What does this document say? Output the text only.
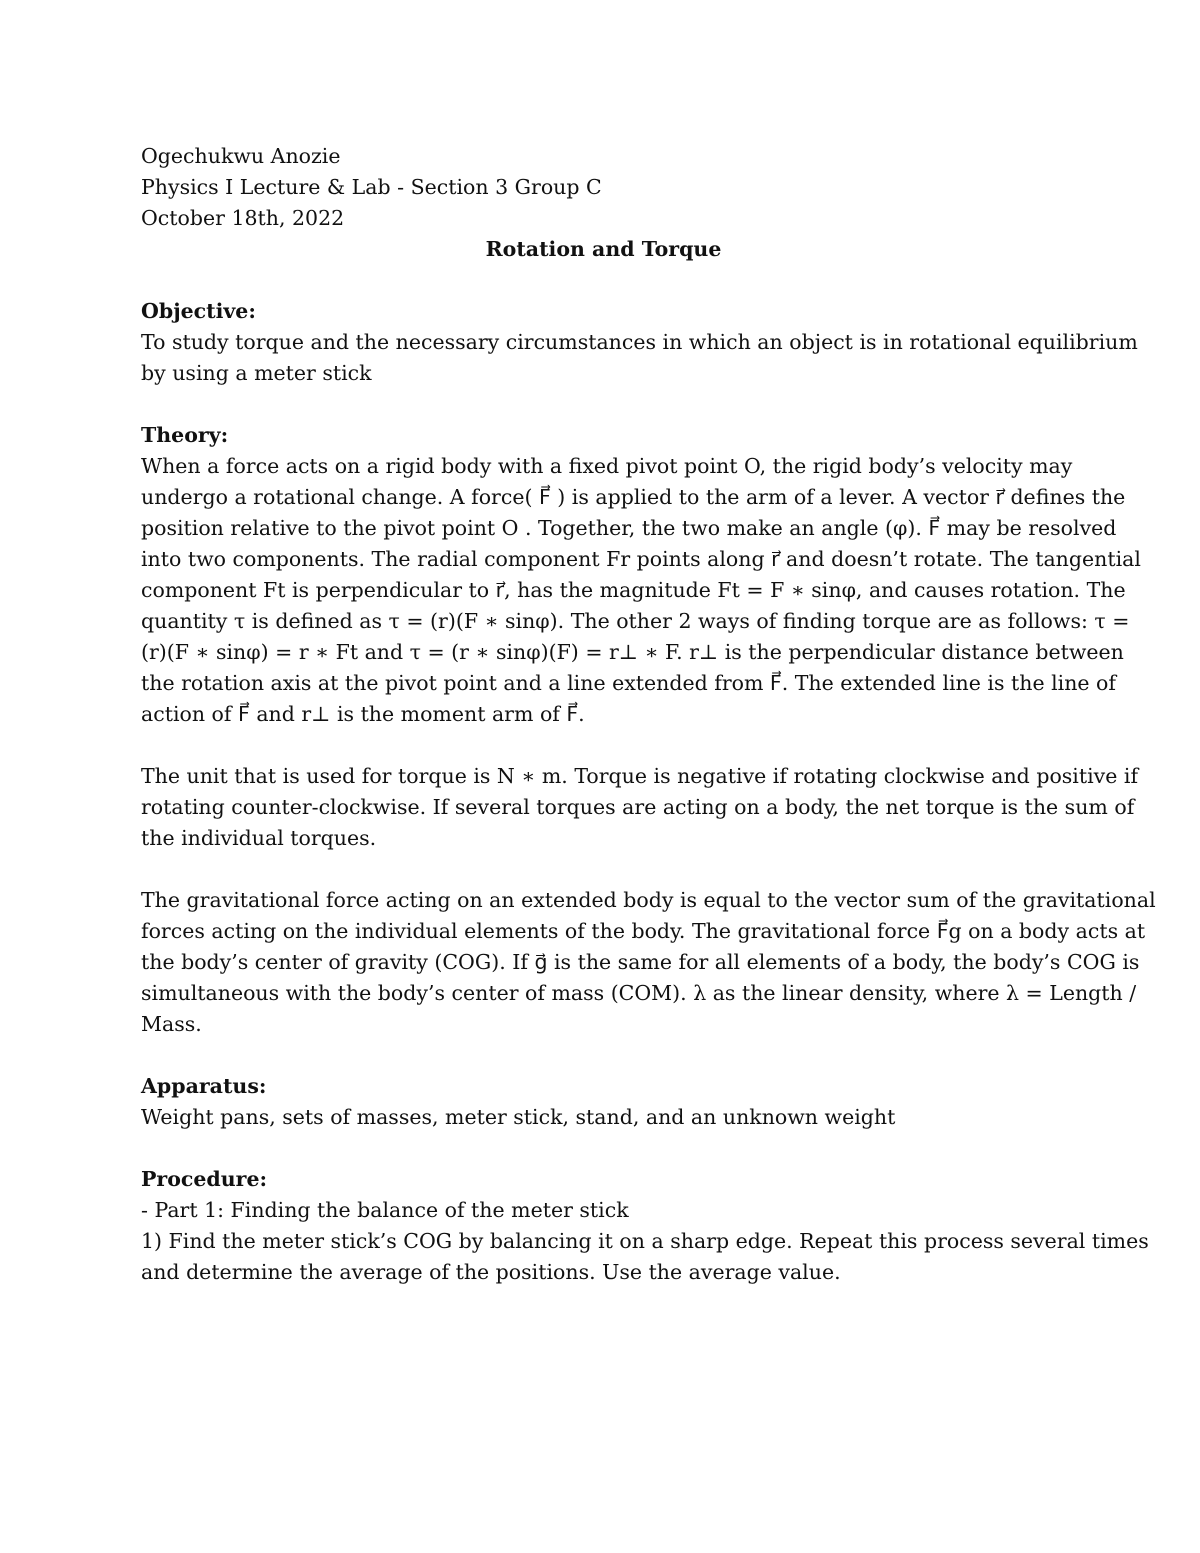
Ogechukwu Anozie
Physics I Lecture & Lab - Section 3 Group C
October 18th, 2022
Rotation and Torque
Objective:
To study torque and the necessary circumstances in which an object is in rotational equilibrium
by using a meter stick
Theory:
When a force acts on a rigid body with a fixed pivot point O, the rigid body’s velocity may
undergo a rotational change. A force( F⃗ ) is applied to the arm of a lever. A vector r⃗ defines the
position relative to the pivot point O . Together, the two make an angle (φ). F⃗ may be resolved
into two components. The radial component Fr points along r⃗ and doesn’t rotate. The tangential
component Ft is perpendicular to r⃗, has the magnitude Ft = F ∗ sinφ, and causes rotation. The
quantity τ is defined as τ = (r)(F ∗ sinφ). The other 2 ways of finding torque are as follows: τ =
(r)(F ∗ sinφ) = r ∗ Ft and τ = (r ∗ sinφ)(F) = r⊥ ∗ F. r⊥ is the perpendicular distance between
the rotation axis at the pivot point and a line extended from F⃗. The extended line is the line of
action of F⃗ and r⊥ is the moment arm of F⃗.
The unit that is used for torque is N ∗ m. Torque is negative if rotating clockwise and positive if
rotating counter-clockwise. If several torques are acting on a body, the net torque is the sum of
the individual torques.
The gravitational force acting on an extended body is equal to the vector sum of the gravitational
forces acting on the individual elements of the body. The gravitational force F⃗g on a body acts at
the body’s center of gravity (COG). If g⃗ is the same for all elements of a body, the body’s COG is
simultaneous with the body’s center of mass (COM). λ as the linear density, where λ = Length /
Mass.
Apparatus:
Weight pans, sets of masses, meter stick, stand, and an unknown weight
Procedure:
- Part 1: Finding the balance of the meter stick
1) Find the meter stick’s COG by balancing it on a sharp edge. Repeat this process several times
and determine the average of the positions. Use the average value.
